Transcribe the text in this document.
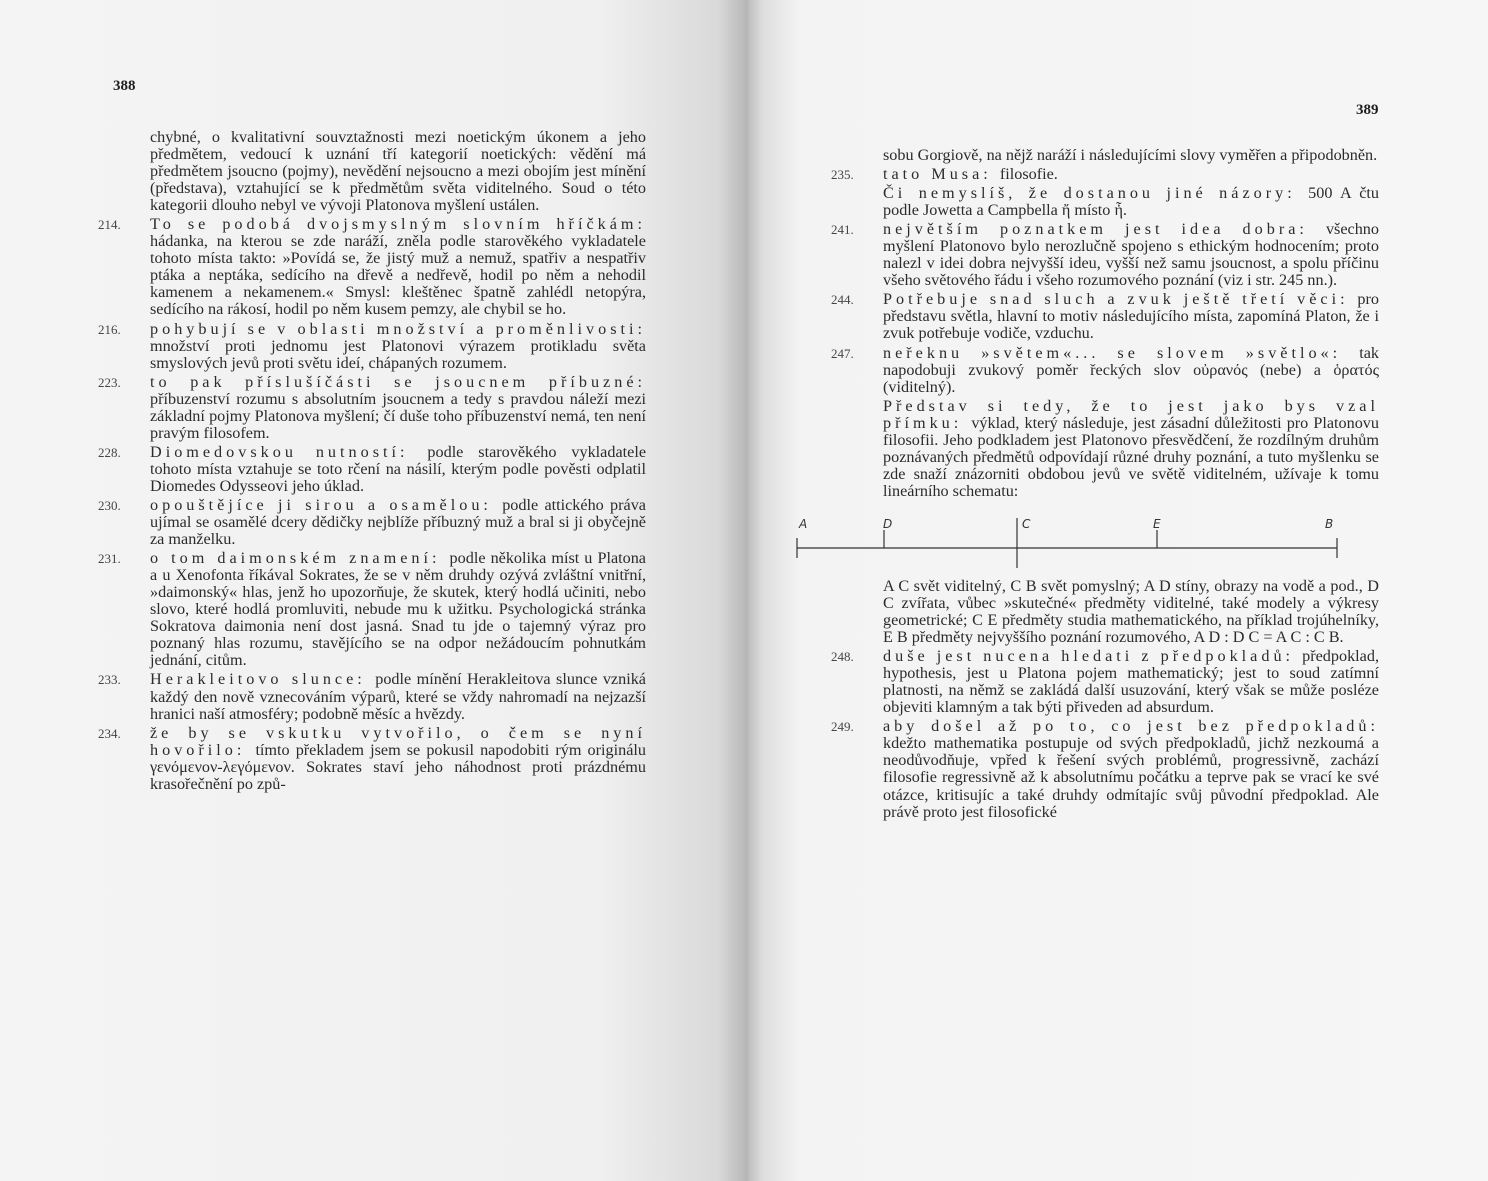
388
chybné, o kvalitativní souvztažnosti mezi noetickým úkonem a jeho předmětem, vedoucí k uznání tří kategorií noetických: vědění má předmětem jsoucno (pojmy), nevědění nejsoucno a mezi obojím jest mínění (představa), vztahující se k předmětům světa viditelného. Soud o této kategorii dlouho nebyl ve vývoji Platonova myšlení ustálen.
214. To se podobá dvojsmyslným slovním hříčkám: hádanka, na kterou se zde naráží, zněla podle starověkého vykladatele tohoto místa takto: »Povídá se, že jistý muž a nemuž, spatřiv a nespatřiv ptáka a neptáka, sedícího na dřevě a nedřevě, hodil po něm a nehodil kamenem a nekamenem.« Smysl: kleštěnec špatně zahlédl netopýra, sedícího na rákosí, hodil po něm kusem pemzy, ale chybil se ho.
216. pohybují se v oblasti množství a proměnlivosti: množství proti jednomu jest Platonovi výrazem protikladu světa smyslových jevů proti světu ideí, chápaných rozumem.
223. to pak příslušíčásti se jsoucnem příbuzné: příbuzenství rozumu s absolutním jsoucnem a tedy s pravdou náleží mezi základní pojmy Platonova myšlení; čí duše toho příbuzenství nemá, ten není pravým filosofem.
228. Diomedovskou nutností: podle starověkého vykladatele tohoto místa vztahuje se toto rčení na násilí, kterým podle pověsti odplatil Diomedes Odysseovi jeho úklad.
230. opouštějíce ji sirou a osamělou: podle attického práva ujímal se osamělé dcery dědičky nejblíže příbuzný muž a bral si ji obyčejně za manželku.
231. o tom daimonském znamení: podle několika míst u Platona a u Xenofonta říkával Sokrates, že se v něm druhdy ozývá zvláštní vnitřní, »daimonský« hlas, jenž ho upozorňuje, že skutek, který hodlá učiniti, nebo slovo, které hodlá promluviti, nebude mu k užitku. Psychologická stránka Sokratova daimonia není dost jasná. Snad tu jde o tajemný výraz pro poznaný hlas rozumu, stavějícího se na odpor nežádoucím pohnutkám jednání, citům.
233. Herakleitovo slunce: podle mínění Herakleitova slunce vzniká každý den nově vznecováním výparů, které se vždy nahromadí na nejzazší hranici naší atmosféry; podobně měsíc a hvězdy.
234. že by se vskutku vytvořilo, o čem se nyní hovořilo: tímto překladem jsem se pokusil napodobiti rým originálu γενόμενον-λεγόμενον. Sokrates staví jeho náhodnost proti prázdnému krasořečnění po způ-
389
sobu Gorgiově, na nějž naráží i následujícími slovy vyměřen a připodobněn.
235. tato Musa: filosofie.
Či nemyslíš, že dostanou jiné názory: 500 A čtu podle Jowetta a Campbella ἤ místo ἦ.
241. největším poznatkem jest idea dobra: všechno myšlení Platonovo bylo nerozlučně spojeno s ethickým hodnocením; proto nalezl v idei dobra nejvyšší ideu, vyšší než samu jsoucnost, a spolu příčinu všeho světového řádu i všeho rozumového poznání (viz i str. 245 nn.).
244. Potřebuje snad sluch a zvuk ještě třetí věci: pro představu světla, hlavní to motiv následujícího místa, zapomíná Platon, že i zvuk potřebuje vodiče, vzduchu.
247. neřeknu »světem«... se slovem »světlo«: tak napodobuji zvukový poměr řeckých slov οὐρανός (nebe) a ὁρατός (viditelný).
Představ si tedy, že to jest jako bys vzal přímku: výklad, který následuje, jest zásadní důležitosti pro Platonovu filosofii. Jeho podkladem jest Platonovo přesvědčení, že rozdílným druhům poznávaných předmětů odpovídají různé druhy poznání, a tuto myšlenku se zde snaží znázorniti obdobou jevů ve světě viditelném, užívaje k tomu lineárního schematu:
A	D	C	E	B
A C svět viditelný, C B svět pomyslný; A D stíny, obrazy na vodě a pod., D C zvířata, vůbec »skutečné« předměty viditelné, také modely a výkresy geometrické; C E předměty studia mathematického, na příklad trojúhelníky, E B předměty nejvyššího poznání rozumového, A D : D C = A C : C B.
248. duše jest nucena hledati z předpokladů: předpoklad, hypothesis, jest u Platona pojem mathematický; jest to soud zatímní platnosti, na němž se zakládá další usuzování, který však se může posléze objeviti klamným a tak býti přiveden ad absurdum.
249. aby došel až po to, co jest bez předpokladů: kdežto mathematika postupuje od svých předpokladů, jichž nezkoumá a neodůvodňuje, vpřed k řešení svých problémů, progressivně, zachází filosofie regressivně až k absolutnímu počátku a teprve pak se vrací ke své otázce, kritisujíc a také druhdy odmítajíc svůj původní předpoklad. Ale právě proto jest filosofické
